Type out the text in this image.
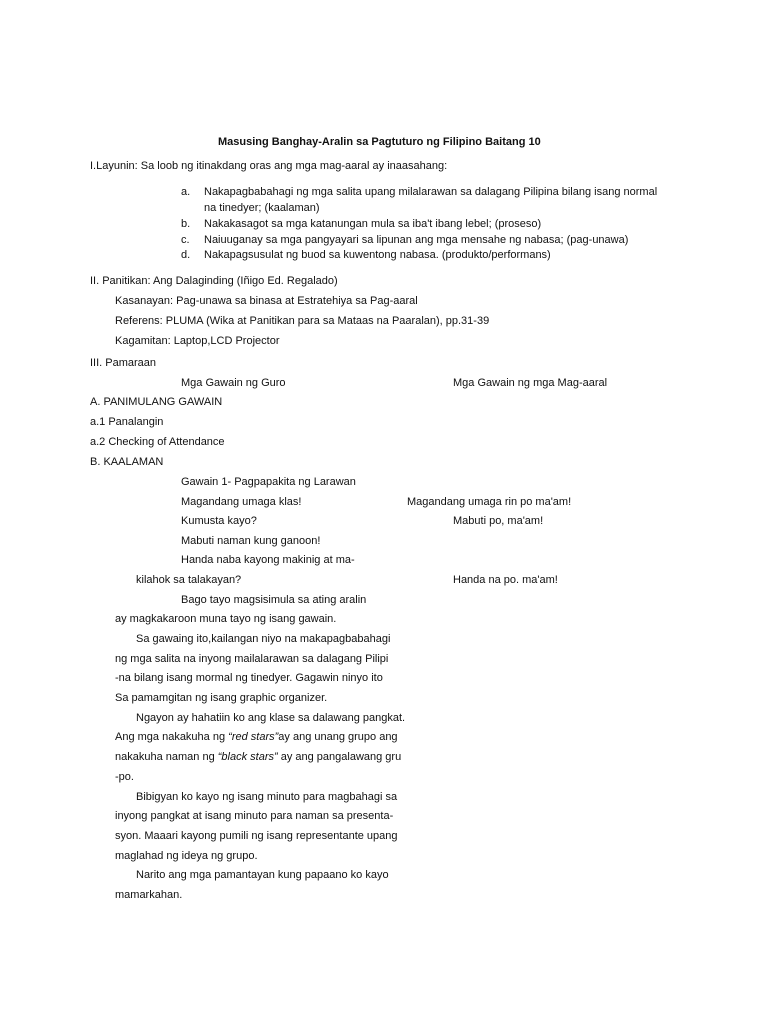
Masusing Banghay-Aralin sa Pagtuturo ng Filipino Baitang 10
I.Layunin: Sa loob ng itinakdang oras ang mga mag-aaral ay inaasahang:
a. Nakapagbabahagi ng mga salita upang milalarawan sa dalagang Pilipina bilang isang normal
na tinedyer; (kaalaman)
b. Nakakasagot sa mga katanungan mula sa iba't ibang lebel; (proseso)
c. Naiuuganay sa mga pangyayari sa lipunan ang mga mensahe ng nabasa; (pag-unawa)
d. Nakapagsusulat ng buod sa kuwentong nabasa. (produkto/performans)
II. Panitikan: Ang Dalaginding (Iñigo Ed. Regalado)
Kasanayan: Pag-unawa sa binasa at Estratehiya sa Pag-aaral
Referens: PLUMA (Wika at Panitikan para sa Mataas na Paaralan), pp.31-39
Kagamitan: Laptop,LCD Projector
III. Pamaraan
Mga Gawain ng Guro	Mga Gawain ng mga Mag-aaral
A. PANIMULANG GAWAIN
a.1 Panalangin
a.2 Checking of Attendance
B. KAALAMAN
Gawain 1- Pagpapakita ng Larawan
Magandang umaga klas!	Magandang umaga rin po ma'am!
Kumusta kayo?	Mabuti po, ma'am!
Mabuti naman kung ganoon!
Handa naba kayong makinig at ma-
kilahok sa talakayan?	Handa na po. ma'am!
Bago tayo magsisimula sa ating aralin
ay magkakaroon muna tayo ng isang gawain.
Sa gawaing ito,kailangan niyo na makapagbabahagi
ng mga salita na inyong mailalarawan sa dalagang Pilipi
-na bilang isang mormal ng tinedyer. Gagawin ninyo ito
Sa pamamgitan ng isang graphic organizer.
Ngayon ay hahatiin ko ang klase sa dalawang pangkat.
Ang mga nakakuha ng “red stars”ay ang unang grupo ang
nakakuha naman ng “black stars” ay ang pangalawang gru
-po.
Bibigyan ko kayo ng isang minuto para magbahagi sa
inyong pangkat at isang minuto para naman sa presenta-
syon. Maaari kayong pumili ng isang representante upang
maglahad ng ideya ng grupo.
Narito ang mga pamantayan kung papaano ko kayo
mamarkahan.
